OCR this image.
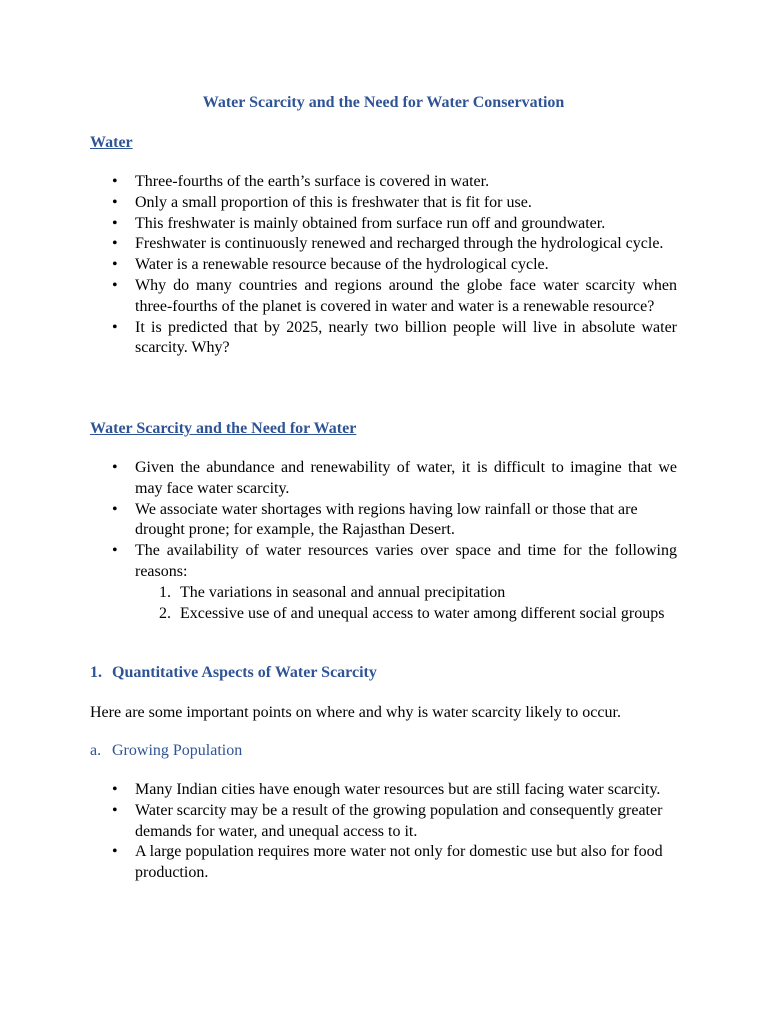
Water Scarcity and the Need for Water Conservation
Water
• Three-fourths of the earth’s surface is covered in water.
• Only a small proportion of this is freshwater that is fit for use.
• This freshwater is mainly obtained from surface run off and groundwater.
• Freshwater is continuously renewed and recharged through the hydrological cycle.
• Water is a renewable resource because of the hydrological cycle.
• Why do many countries and regions around the globe face water scarcity when three-fourths of the planet is covered in water and water is a renewable resource?
• It is predicted that by 2025, nearly two billion people will live in absolute water scarcity. Why?
Water Scarcity and the Need for Water
• Given the abundance and renewability of water, it is difficult to imagine that we may face water scarcity.
• We associate water shortages with regions having low rainfall or those that are drought prone; for example, the Rajasthan Desert.
• The availability of water resources varies over space and time for the following reasons:
1. The variations in seasonal and annual precipitation
2. Excessive use of and unequal access to water among different social groups
1. Quantitative Aspects of Water Scarcity
Here are some important points on where and why is water scarcity likely to occur.
a. Growing Population
• Many Indian cities have enough water resources but are still facing water scarcity.
• Water scarcity may be a result of the growing population and consequently greater demands for water, and unequal access to it.
• A large population requires more water not only for domestic use but also for food production.
